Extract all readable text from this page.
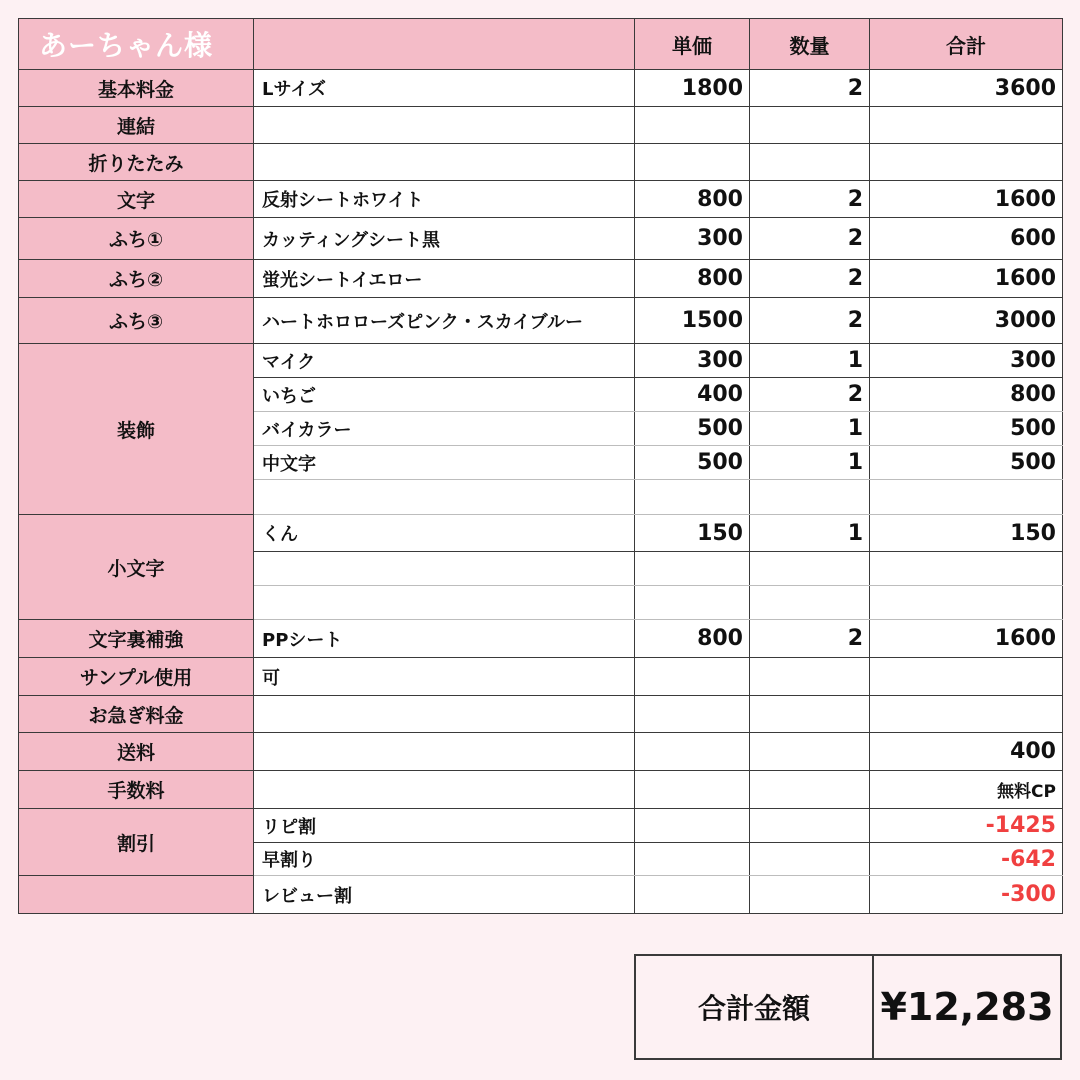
あーちゃん様		単価	数量	合計
基本料金	Lサイズ	1800	2	3600
連結				
折りたたみ				
文字	反射シートホワイト	800	2	1600
ふち①	カッティングシート黒	300	2	600
ふち②	蛍光シートイエロー	800	2	1600
ふち③	ハートホロローズピンク・スカイブルー	1500	2	3000
装飾	マイク	300	1	300
	いちご	400	2	800
	バイカラー	500	1	500
	中文字	500	1	500

小文字	くん	150	1	150

文字裏補強	PPシート	800	2	1600
サンプル使用	可			
お急ぎ料金				
送料				400
手数料				無料CP
割引	リピ割			-1425
	早割り			-642
	レビュー割			-300
合計金額	¥12,283
